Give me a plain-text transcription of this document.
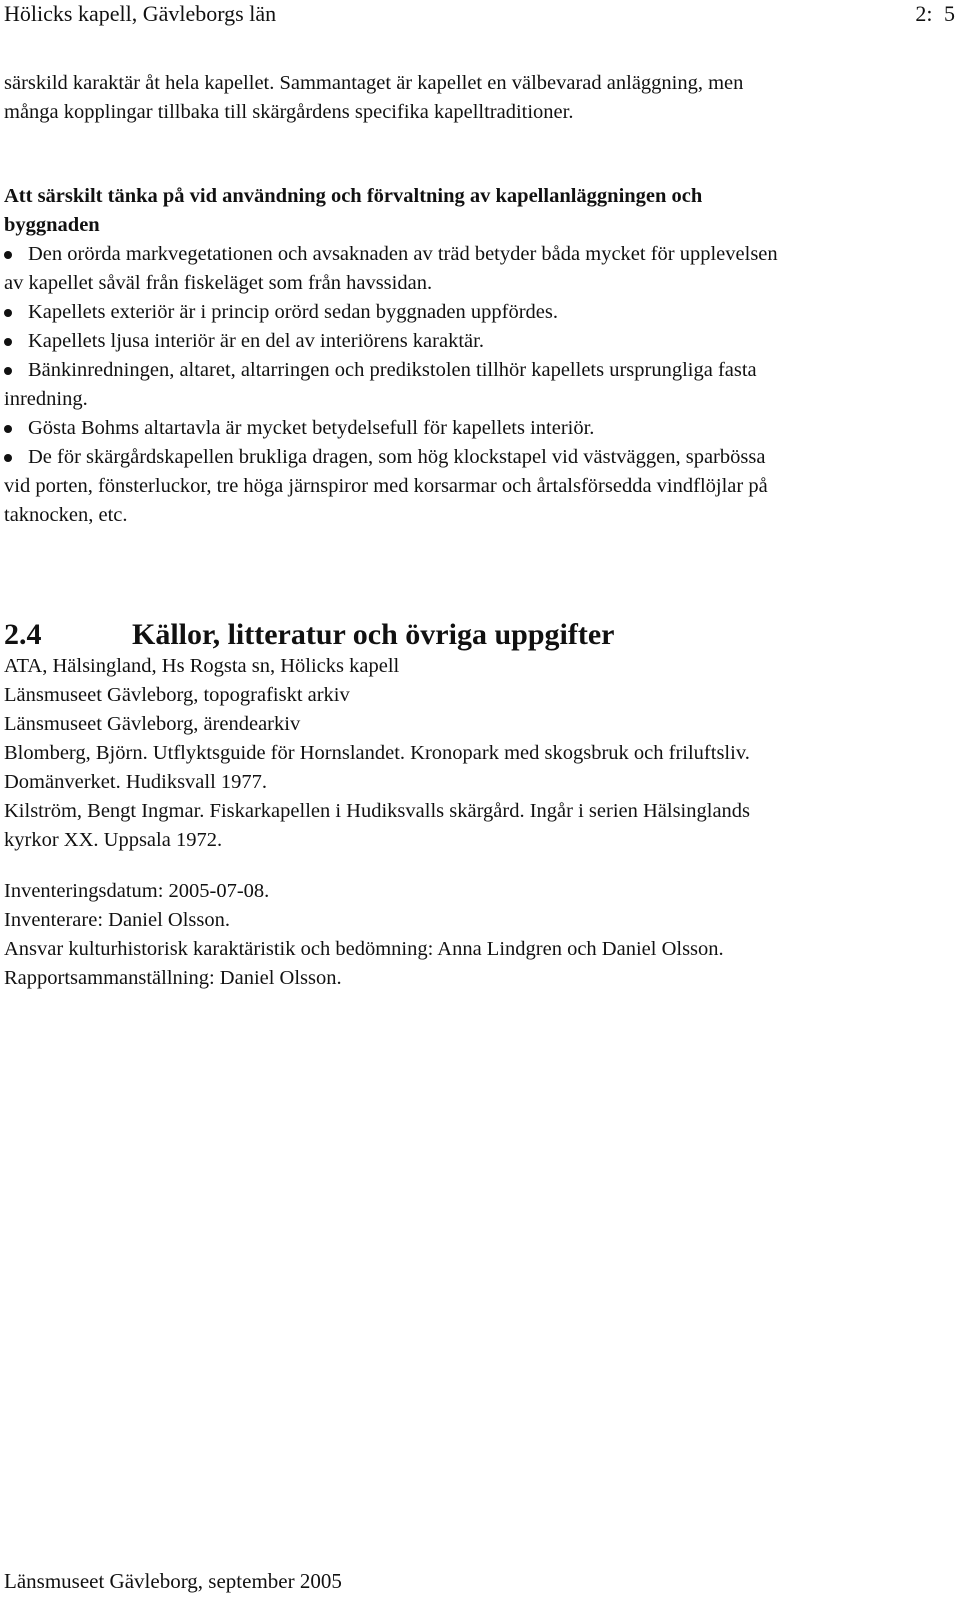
Hölicks kapell, Gävleborgs län	2: 5
särskild karaktär åt hela kapellet. Sammantaget är kapellet en välbevarad anläggning, men
många kopplingar tillbaka till skärgårdens specifika kapelltraditioner.
Att särskilt tänka på vid användning och förvaltning av kapellanläggningen och
byggnaden
Den orörda markvegetationen och avsaknaden av träd betyder båda mycket för upplevelsen
av kapellet såväl från fiskeläget som från havssidan.
Kapellets exteriör är i princip orörd sedan byggnaden uppfördes.
Kapellets ljusa interiör är en del av interiörens karaktär.
Bänkinredningen, altaret, altarringen och predikstolen tillhör kapellets ursprungliga fasta
inredning.
Gösta Bohms altartavla är mycket betydelsefull för kapellets interiör.
De för skärgårdskapellen brukliga dragen, som hög klockstapel vid västväggen, sparbössa
vid porten, fönsterluckor, tre höga järnspiror med korsarmar och årtalsförsedda vindflöjlar på
taknocken, etc.
2.4	Källor, litteratur och övriga uppgifter
ATA, Hälsingland, Hs Rogsta sn, Hölicks kapell
Länsmuseet Gävleborg, topografiskt arkiv
Länsmuseet Gävleborg, ärendearkiv
Blomberg, Björn. Utflyktsguide för Hornslandet. Kronopark med skogsbruk och friluftsliv.
Domänverket. Hudiksvall 1977.
Kilström, Bengt Ingmar. Fiskarkapellen i Hudiksvalls skärgård. Ingår i serien Hälsinglands
kyrkor XX. Uppsala 1972.
Inventeringsdatum: 2005-07-08.
Inventerare: Daniel Olsson.
Ansvar kulturhistorisk karaktäristik och bedömning: Anna Lindgren och Daniel Olsson.
Rapportsammanställning: Daniel Olsson.
Länsmuseet Gävleborg, september 2005
